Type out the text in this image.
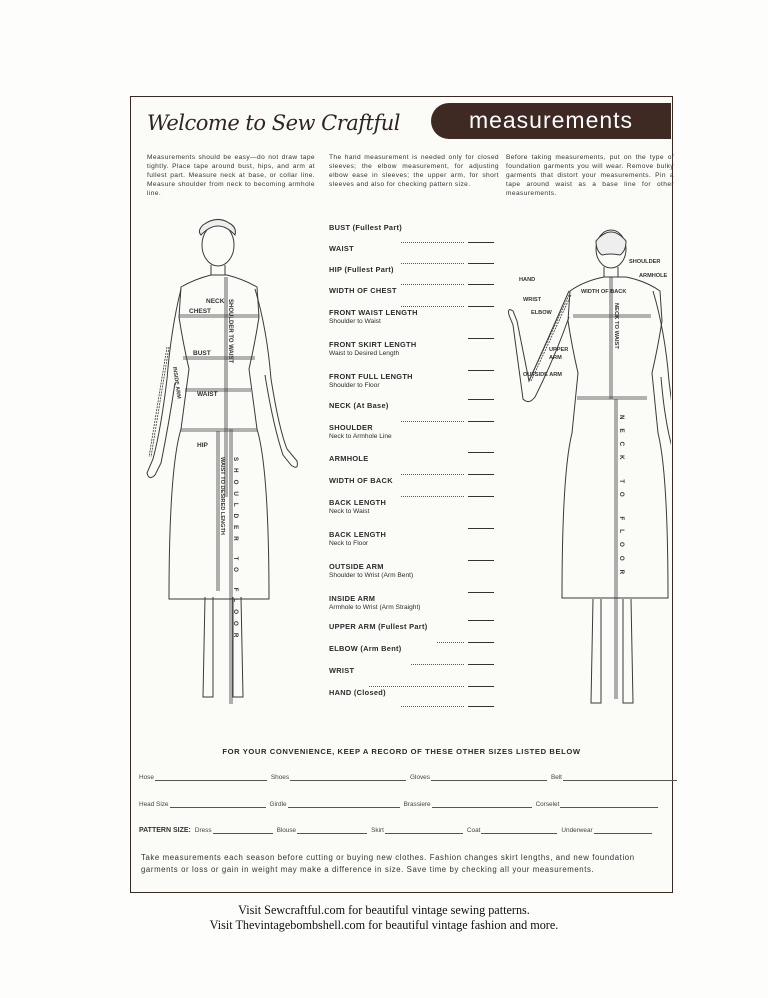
Welcome to Sew Craftful	measurements
Measurements should be easy—do not draw tape tightly. Place tape around bust, hips, and arm at fullest part. Measure neck at base, or collar line. Measure shoulder from neck to becoming armhole line.
The hand measurement is needed only for closed sleeves; the elbow measurement, for adjusting elbow ease in sleeves; the upper arm, for short sleeves and also for checking pattern size.
Before taking measurements, put on the type of foundation garments you will wear. Remove bulky garments that distort your measurements. Pin a tape around waist as a base line for other measurements.
BUST (Fullest Part)
WAIST
HIP (Fullest Part)
WIDTH OF CHEST
FRONT WAIST LENGTH
Shoulder to Waist
FRONT SKIRT LENGTH
Waist to Desired Length
FRONT FULL LENGTH
Shoulder to Floor
NECK (At Base)
SHOULDER
Neck to Armhole Line
ARMHOLE
WIDTH OF BACK
BACK LENGTH
Neck to Waist
BACK LENGTH
Neck to Floor
OUTSIDE ARM
Shoulder to Wrist (Arm Bent)
INSIDE ARM
Armhole to Wrist (Arm Straight)
UPPER ARM (Fullest Part)
ELBOW (Arm Bent)
WRIST
HAND (Closed)
NECK
CHEST
BUST
WAIST
HIP
INSIDE ARM
SHOULDER TO WAIST
SHOULDER TO FLOOR
WAIST TO DESIRED LENGTH
SHOULDER
ARMHOLE
HAND
WIDTH OF BACK
WRIST
ELBOW
UPPER
ARM
OUTSIDE ARM
NECK TO WAIST
NECK TO FLOOR
FOR YOUR CONVENIENCE, KEEP A RECORD OF THESE OTHER SIZES LISTED BELOW
Hose	Shoes	Gloves	Belt
Head Size	Girdle	Brassiere	Corselet
PATTERN SIZE: Dress	Blouse	Skirt	Coat	Underwear
Take measurements each season before cutting or buying new clothes. Fashion changes skirt lengths, and new foundation garments or loss or gain in weight may make a difference in size. Save time by checking all your measurements.
Visit Sewcraftful.com for beautiful vintage sewing patterns.
Visit Thevintagebombshell.com for beautiful vintage fashion and more.
